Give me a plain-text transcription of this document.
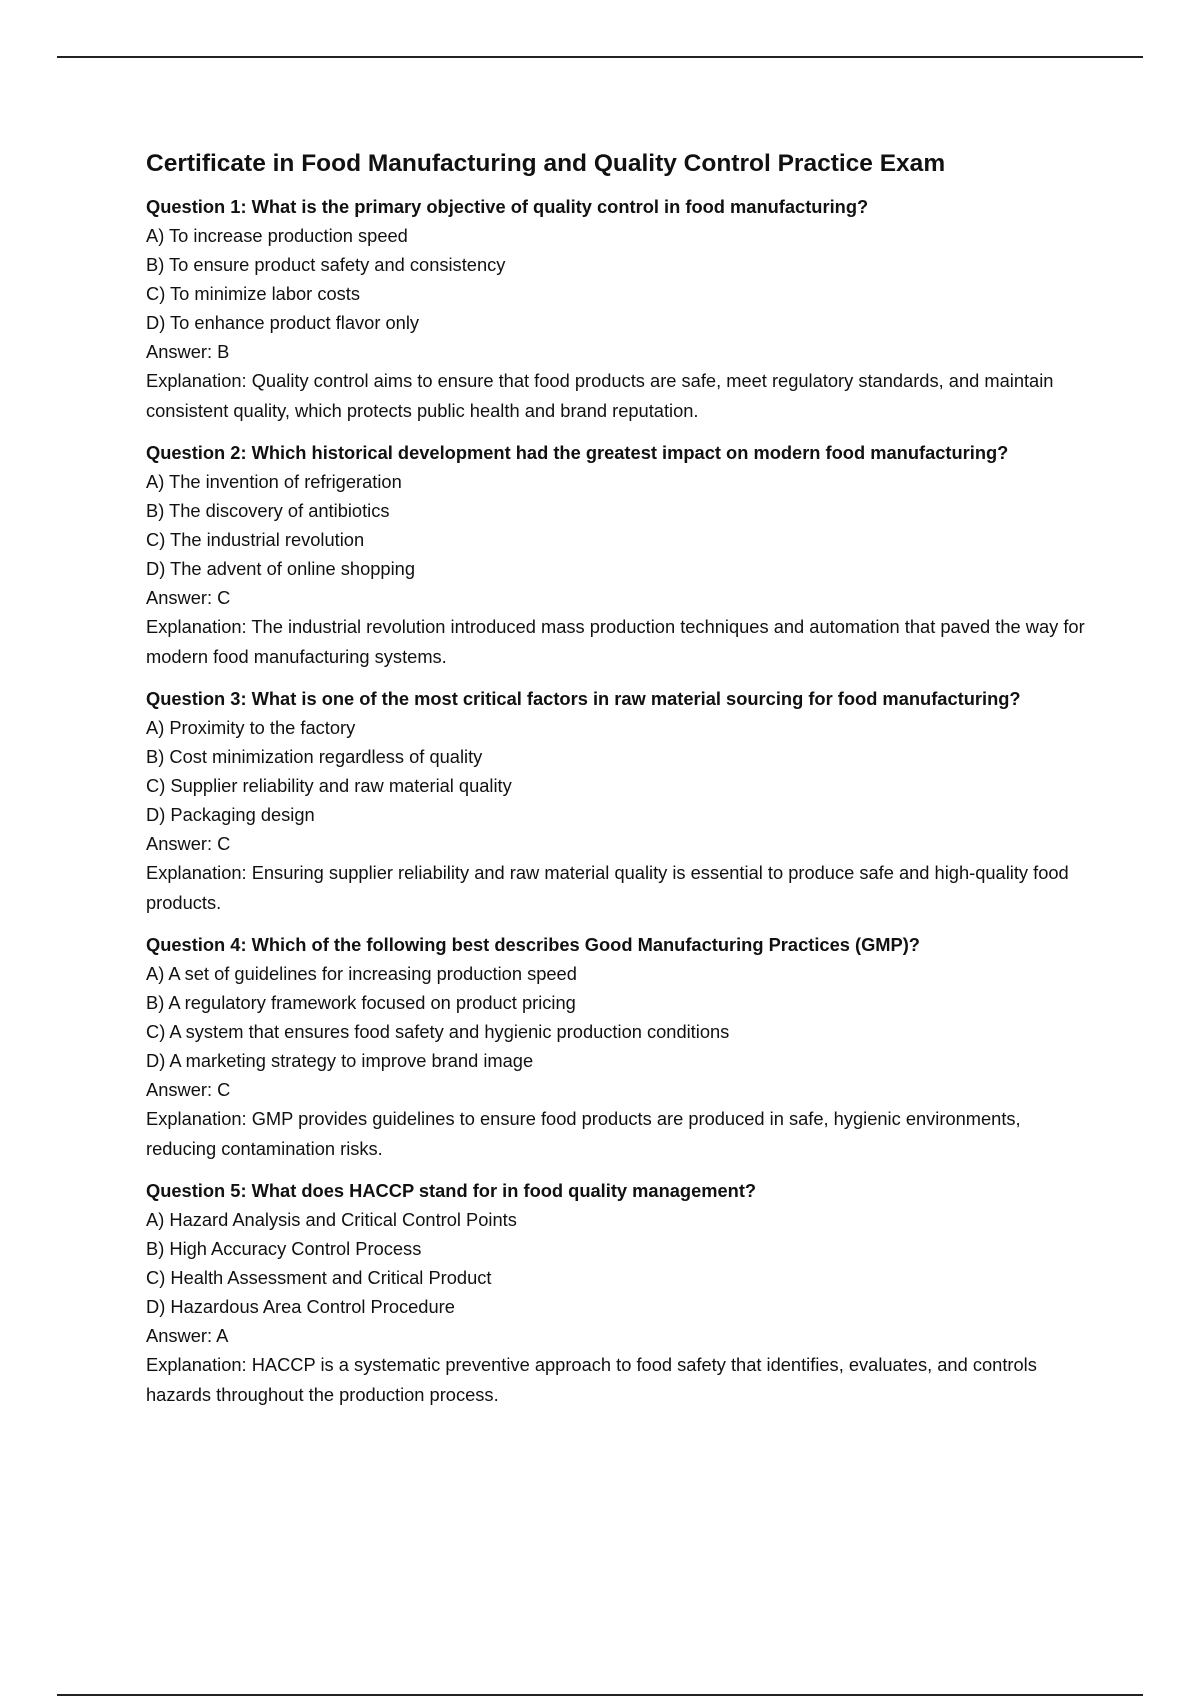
Certificate in Food Manufacturing and Quality Control Practice Exam

Question 1: What is the primary objective of quality control in food manufacturing?

A) To increase production speed

B) To ensure product safety and consistency

C) To minimize labor costs

D) To enhance product flavor only

Answer: B

Explanation: Quality control aims to ensure that food products are safe, meet regulatory standards, and maintain consistent quality, which protects public health and brand reputation.

Question 2: Which historical development had the greatest impact on modern food manufacturing?

A) The invention of refrigeration

B) The discovery of antibiotics

C) The industrial revolution

D) The advent of online shopping

Answer: C

Explanation: The industrial revolution introduced mass production techniques and automation that paved the way for modern food manufacturing systems.

Question 3: What is one of the most critical factors in raw material sourcing for food manufacturing?

A) Proximity to the factory

B) Cost minimization regardless of quality

C) Supplier reliability and raw material quality

D) Packaging design

Answer: C

Explanation: Ensuring supplier reliability and raw material quality is essential to produce safe and high-quality food products.

Question 4: Which of the following best describes Good Manufacturing Practices (GMP)?

A) A set of guidelines for increasing production speed

B) A regulatory framework focused on product pricing

C) A system that ensures food safety and hygienic production conditions

D) A marketing strategy to improve brand image

Answer: C

Explanation: GMP provides guidelines to ensure food products are produced in safe, hygienic environments, reducing contamination risks.

Question 5: What does HACCP stand for in food quality management?

A) Hazard Analysis and Critical Control Points

B) High Accuracy Control Process

C) Health Assessment and Critical Product

D) Hazardous Area Control Procedure

Answer: A

Explanation: HACCP is a systematic preventive approach to food safety that identifies, evaluates, and controls hazards throughout the production process.
